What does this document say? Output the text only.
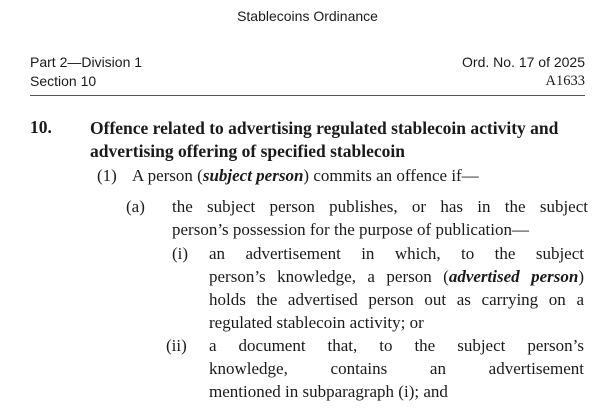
Stablecoins Ordinance
Part 2—Division 1
Section 10
Ord. No. 17 of 2025
A1633
10. Offence related to advertising regulated stablecoin activity and advertising offering of specified stablecoin
(1) A person (subject person) commits an offence if—
(a) the subject person publishes, or has in the subject
person’s possession for the purpose of publication—
(i) an advertisement in which, to the subject
person’s knowledge, a person (advertised person)
holds the advertised person out as carrying on a
regulated stablecoin activity; or
(ii) a document that, to the subject person’s
knowledge, contains an advertisement
mentioned in subparagraph (i); and
